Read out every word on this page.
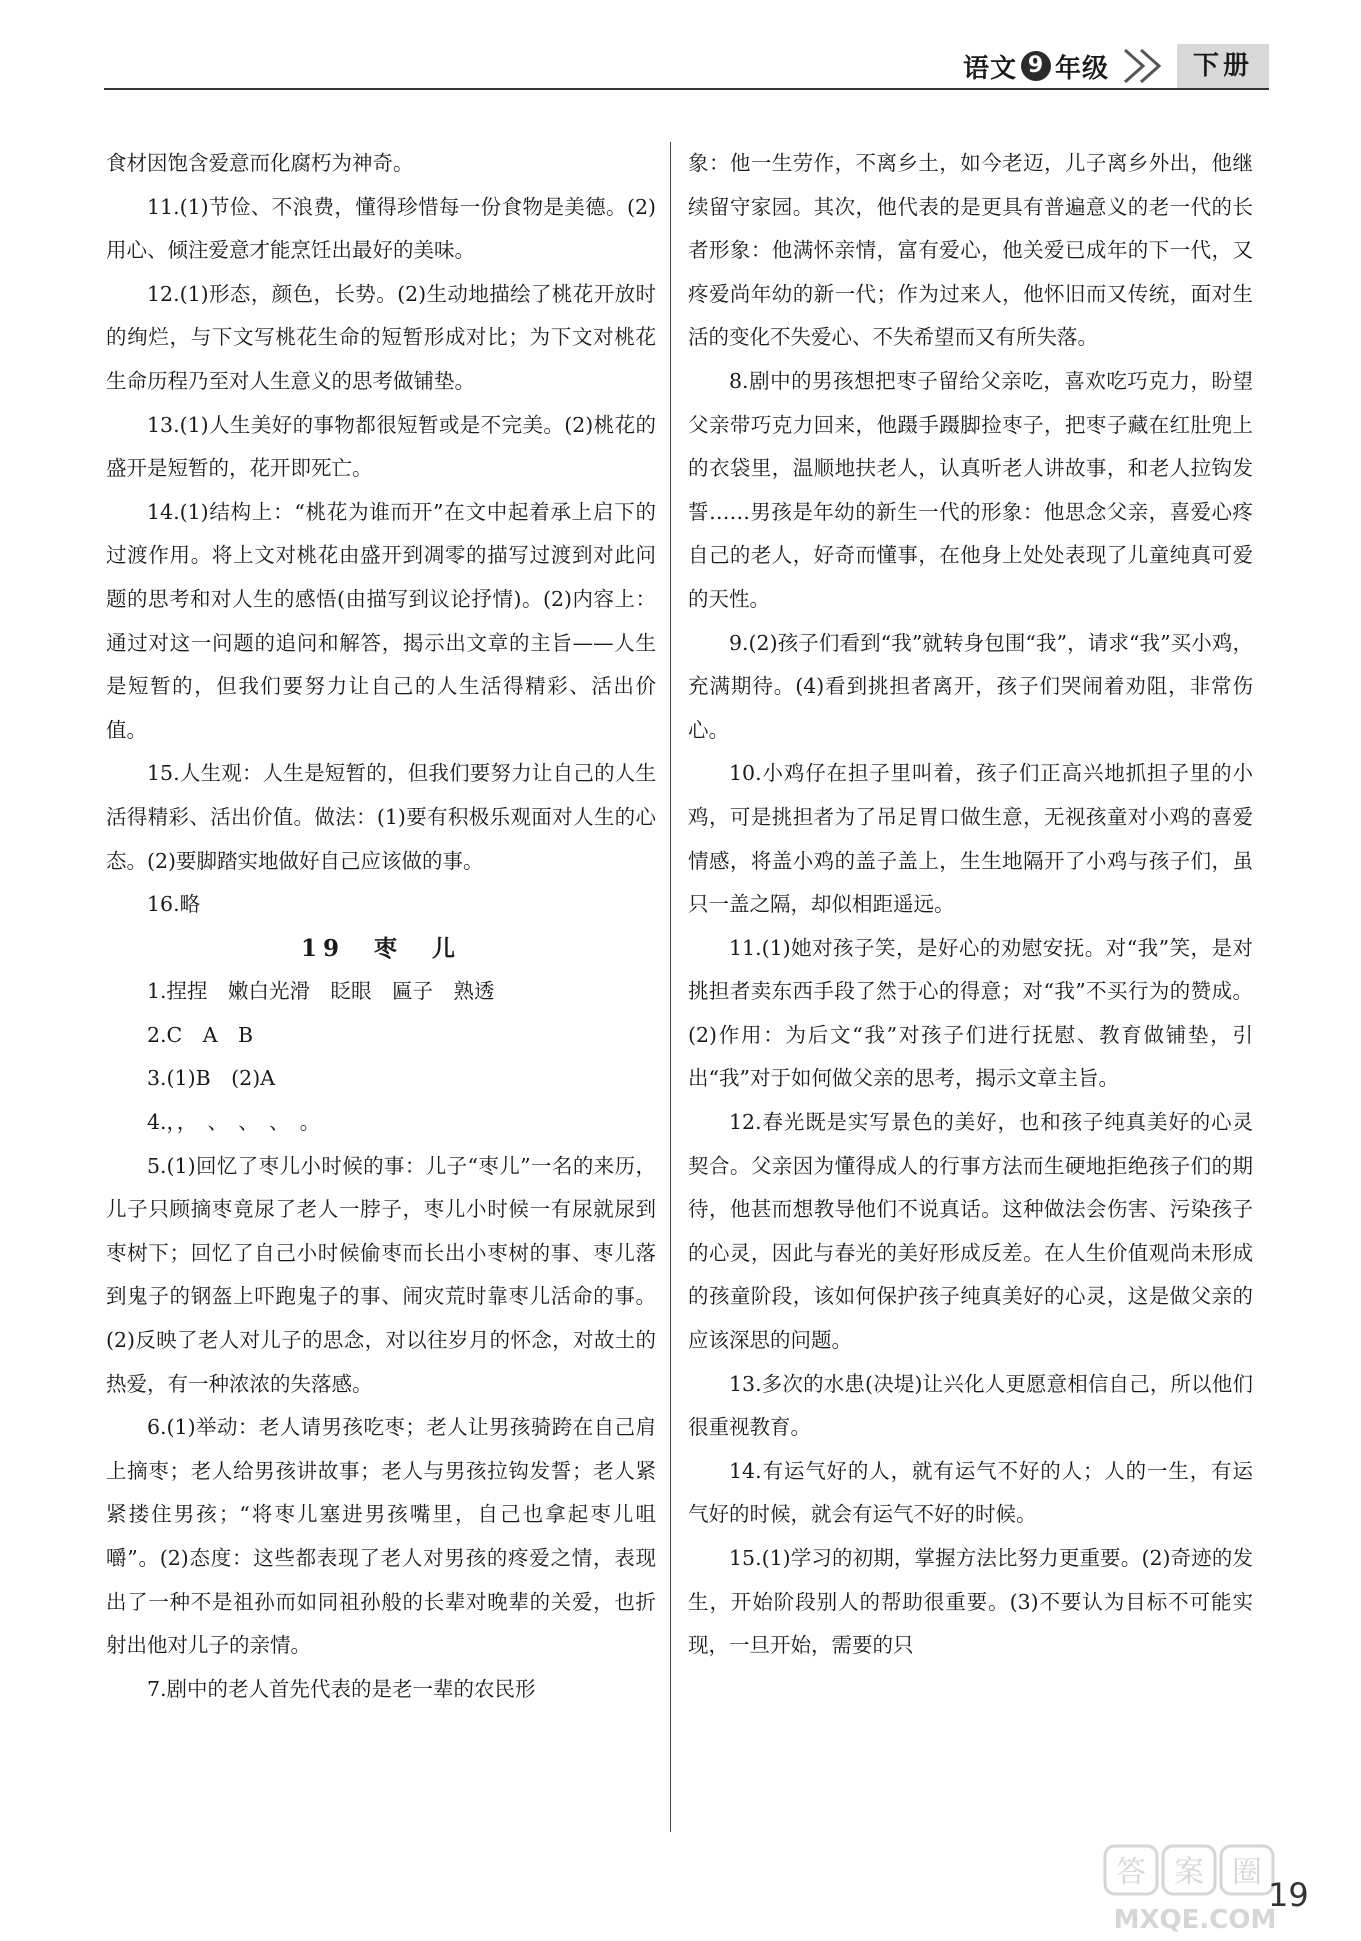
语文 9 年级	下册

食材因饱含爱意而化腐朽为神奇。

11.(1)节俭、不浪费，懂得珍惜每一份食物是美德。(2)用心、倾注爱意才能烹饪出最好的美味。

12.(1)形态，颜色，长势。(2)生动地描绘了桃花开放时的绚烂，与下文写桃花生命的短暂形成对比；为下文对桃花生命历程乃至对人生意义的思考做铺垫。

13.(1)人生美好的事物都很短暂或是不完美。(2)桃花的盛开是短暂的，花开即死亡。

14.(1)结构上：“桃花为谁而开”在文中起着承上启下的过渡作用。将上文对桃花由盛开到凋零的描写过渡到对此问题的思考和对人生的感悟(由描写到议论抒情)。(2)内容上：通过对这一问题的追问和解答，揭示出文章的主旨——人生是短暂的，但我们要努力让自己的人生活得精彩、活出价值。

15.人生观：人生是短暂的，但我们要努力让自己的人生活得精彩、活出价值。做法：(1)要有积极乐观面对人生的心态。(2)要脚踏实地做好自己应该做的事。

16.略

19　枣　儿

1.捏捏　嫩白光滑　眨眼　匾子　熟透

2.C　A　B

3.(1)B　(2)A

4.，，　、　、　、　。

5.(1)回忆了枣儿小时候的事：儿子“枣儿”一名的来历，儿子只顾摘枣竟尿了老人一脖子，枣儿小时候一有尿就尿到枣树下；回忆了自己小时候偷枣而长出小枣树的事、枣儿落到鬼子的钢盔上吓跑鬼子的事、闹灾荒时靠枣儿活命的事。(2)反映了老人对儿子的思念，对以往岁月的怀念，对故土的热爱，有一种浓浓的失落感。

6.(1)举动：老人请男孩吃枣；老人让男孩骑跨在自己肩上摘枣；老人给男孩讲故事；老人与男孩拉钩发誓；老人紧紧搂住男孩；“将枣儿塞进男孩嘴里，自己也拿起枣儿咀嚼”。(2)态度：这些都表现了老人对男孩的疼爱之情，表现出了一种不是祖孙而如同祖孙般的长辈对晚辈的关爱，也折射出他对儿子的亲情。

7.剧中的老人首先代表的是老一辈的农民形

象：他一生劳作，不离乡土，如今老迈，儿子离乡外出，他继续留守家园。其次，他代表的是更具有普遍意义的老一代的长者形象：他满怀亲情，富有爱心，他关爱已成年的下一代，又疼爱尚年幼的新一代；作为过来人，他怀旧而又传统，面对生活的变化不失爱心、不失希望而又有所失落。

8.剧中的男孩想把枣子留给父亲吃，喜欢吃巧克力，盼望父亲带巧克力回来，他蹑手蹑脚捡枣子，把枣子藏在红肚兜上的衣袋里，温顺地扶老人，认真听老人讲故事，和老人拉钩发誓……男孩是年幼的新生一代的形象：他思念父亲，喜爱心疼自己的老人，好奇而懂事，在他身上处处表现了儿童纯真可爱的天性。

9.(2)孩子们看到“我”就转身包围“我”，请求“我”买小鸡，充满期待。(4)看到挑担者离开，孩子们哭闹着劝阻，非常伤心。

10.小鸡仔在担子里叫着，孩子们正高兴地抓担子里的小鸡，可是挑担者为了吊足胃口做生意，无视孩童对小鸡的喜爱情感，将盖小鸡的盖子盖上，生生地隔开了小鸡与孩子们，虽只一盖之隔，却似相距遥远。

11.(1)她对孩子笑，是好心的劝慰安抚。对“我”笑，是对挑担者卖东西手段了然于心的得意；对“我”不买行为的赞成。(2)作用：为后文“我”对孩子们进行抚慰、教育做铺垫，引出“我”对于如何做父亲的思考，揭示文章主旨。

12.春光既是实写景色的美好，也和孩子纯真美好的心灵契合。父亲因为懂得成人的行事方法而生硬地拒绝孩子们的期待，他甚而想教导他们不说真话。这种做法会伤害、污染孩子的心灵，因此与春光的美好形成反差。在人生价值观尚未形成的孩童阶段，该如何保护孩子纯真美好的心灵，这是做父亲的应该深思的问题。

13.多次的水患(决堤)让兴化人更愿意相信自己，所以他们很重视教育。

14.有运气好的人，就有运气不好的人；人的一生，有运气好的时候，就会有运气不好的时候。

15.(1)学习的初期，掌握方法比努力更重要。(2)奇迹的发生，开始阶段别人的帮助很重要。(3)不要认为目标不可能实现，一旦开始，需要的只

答 案 圈
MXQE.COM
19
